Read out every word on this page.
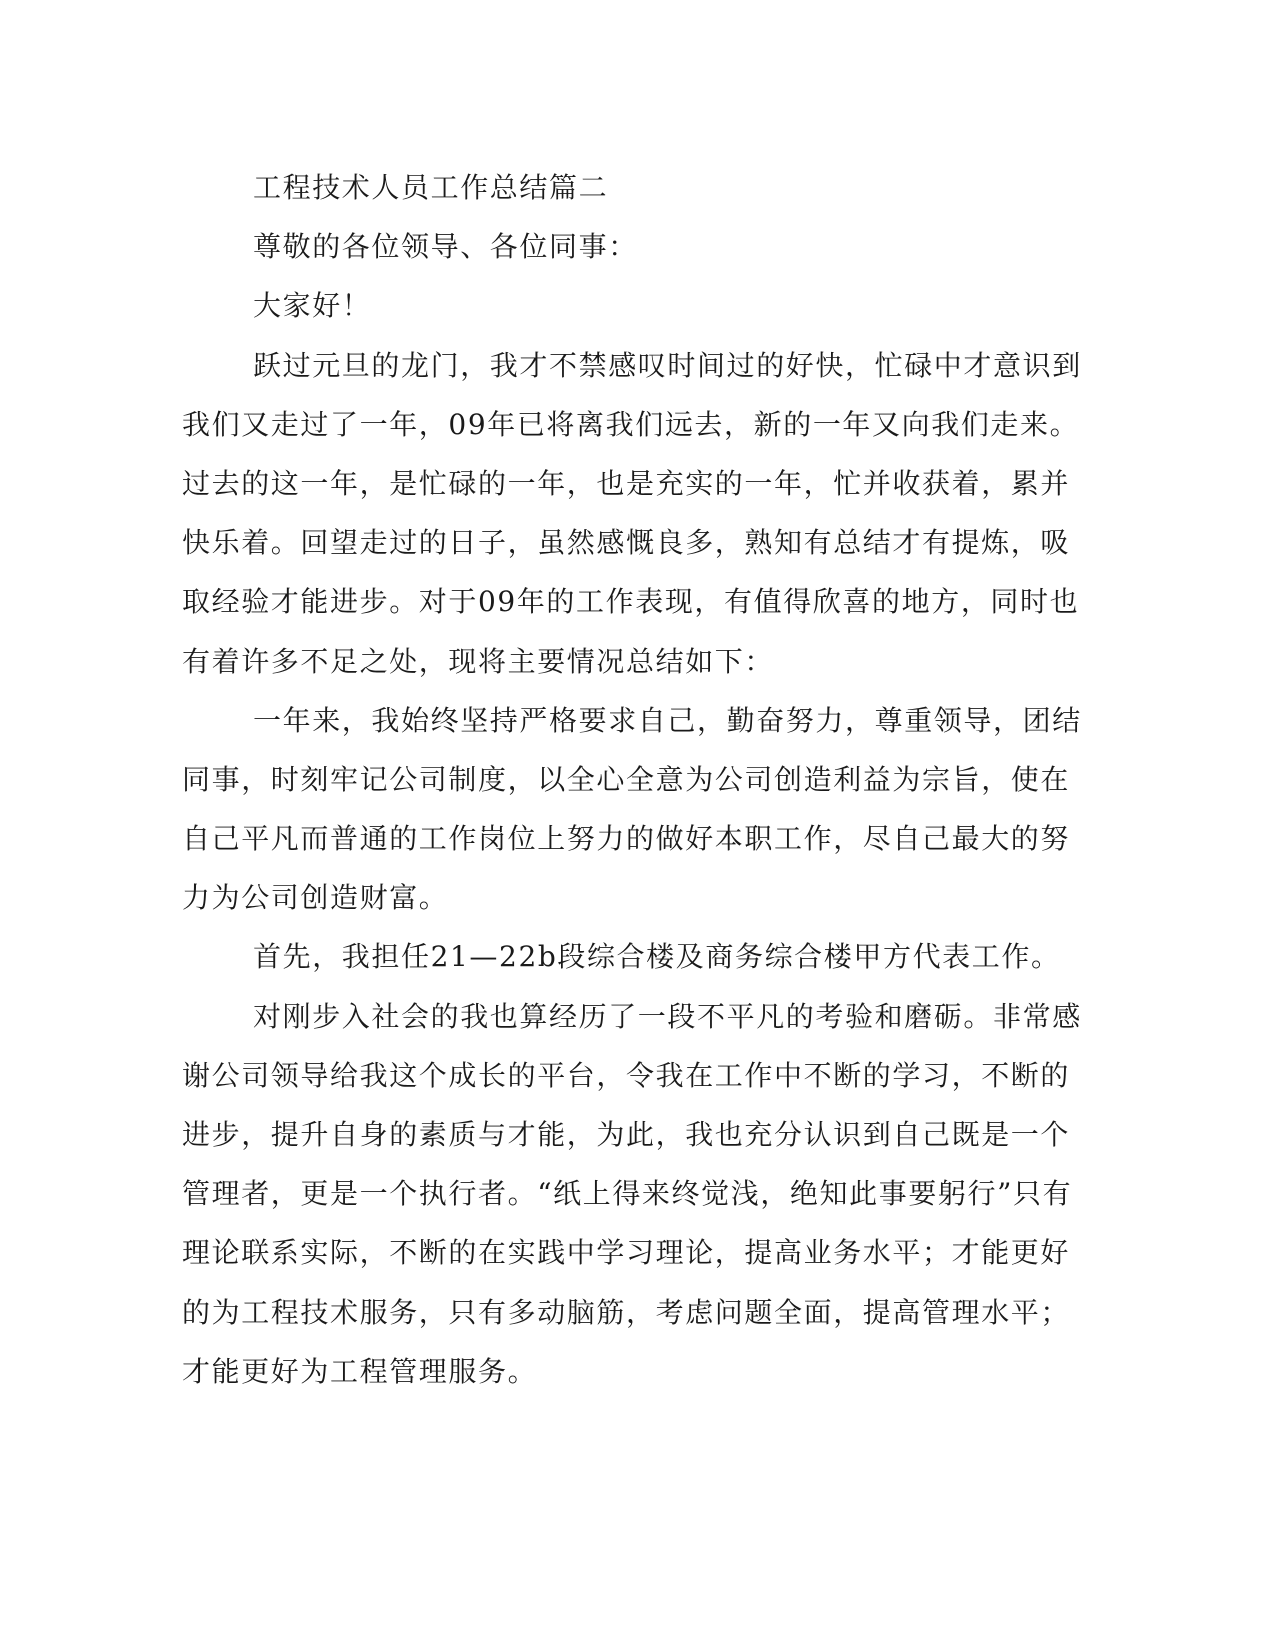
工程技术人员工作总结篇二

尊敬的各位领导、各位同事：

大家好！

跃过元旦的龙门，我才不禁感叹时间过的好快，忙碌中才意识到

我们又走过了一年，09年已将离我们远去，新的一年又向我们走来。

过去的这一年，是忙碌的一年，也是充实的一年，忙并收获着，累并

快乐着。回望走过的日子，虽然感慨良多，熟知有总结才有提炼，吸

取经验才能进步。对于09年的工作表现，有值得欣喜的地方，同时也

有着许多不足之处，现将主要情况总结如下：

一年来，我始终坚持严格要求自己，勤奋努力，尊重领导，团结

同事，时刻牢记公司制度，以全心全意为公司创造利益为宗旨，使在

自己平凡而普通的工作岗位上努力的做好本职工作，尽自己最大的努

力为公司创造财富。

首先，我担任21—22b段综合楼及商务综合楼甲方代表工作。

对刚步入社会的我也算经历了一段不平凡的考验和磨砺。非常感

谢公司领导给我这个成长的平台，令我在工作中不断的学习，不断的

进步，提升自身的素质与才能，为此，我也充分认识到自己既是一个

管理者，更是一个执行者。“纸上得来终觉浅，绝知此事要躬行”只有

理论联系实际，不断的在实践中学习理论，提高业务水平；才能更好

的为工程技术服务，只有多动脑筋，考虑问题全面，提高管理水平；

才能更好为工程管理服务。
